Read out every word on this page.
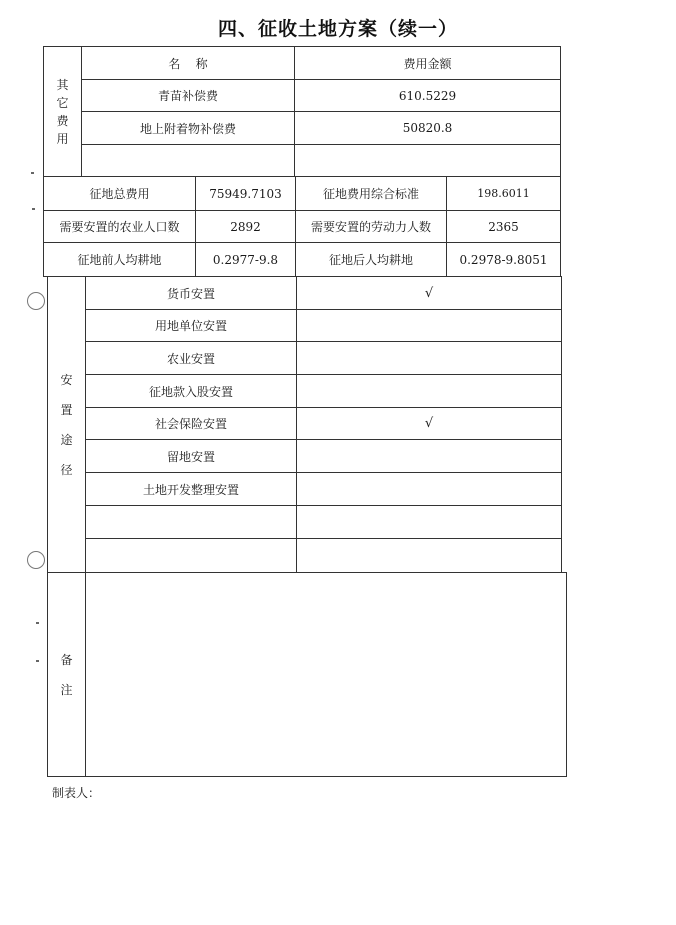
四、征收土地方案（续一）
其
它
费
用
名    称	费用金额
青苗补偿费	610.5229
地上附着物补偿费	50820.8
征地总费用	75949.7103	征地费用综合标准	198.6011
需要安置的农业人口数	2892	需要安置的劳动力人数	2365
征地前人均耕地	0.2977-9.8	征地后人均耕地	0.2978-9.8051
安
置
途
径
货币安置	√
用地单位安置
农业安置
征地款入股安置
社会保险安置	√
留地安置
土地开发整理安置
备
注
制表人：
